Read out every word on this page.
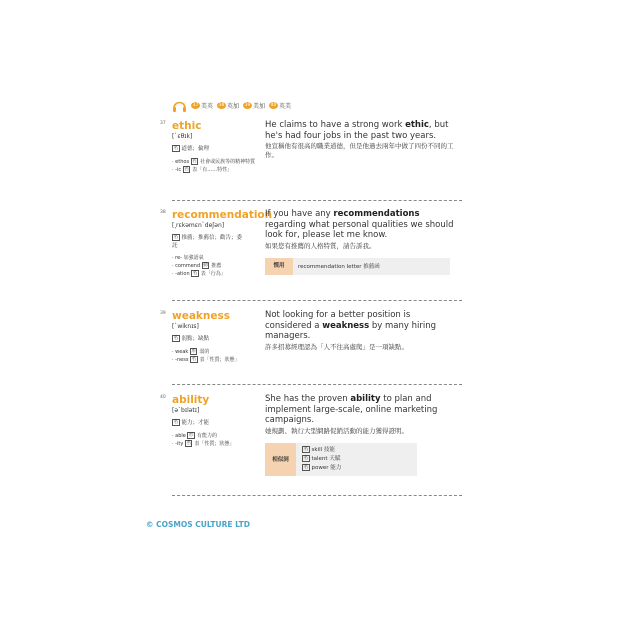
37 美英	38 英加	39 美加	40 英美
37 ethic
[ˋɛθɪk]
名 道德；倫理
· ethos 名 社會或民族等的精神特質
· -ic 名 表「有……特性」
He claims to have a strong work ethic, but he's had four jobs in the past two years.
他宣稱他有很高的職業道德，但是他過去兩年中做了四份不同的工作。
38 recommendation
[͵rɛkəmɛnˋdeʃən]
名 推薦；推薦信；勸告；委託
· re- 加強語氣
· commend 動 推薦
· -ation 名 表「行為」
If you have any recommendations regarding what personal qualities we should look for, please let me know.
如果您有推薦的人格特質，請告訴我。
慣用	recommendation letter 推薦函
39 weakness
[ˋwiknɪs]
名 弱點；缺點
· weak 形 弱的
· -ness 名 表「性質；狀態」
Not looking for a better position is considered a weakness by many hiring managers.
許多招募經理認為「人不往高處爬」是一項缺點。
40 ability
[əˋbɪlətɪ]
名 能力；才能
· able 形 有能力的
· -ity 名 表「性質；狀態」
She has the proven ability to plan and implement large-scale, online marketing campaigns.
她規劃、執行大型網路促銷活動的能力獲得證明。
相似詞
名 skill 技能
名 talent 天賦
名 power 能力
© COSMOS CULTURE LTD
